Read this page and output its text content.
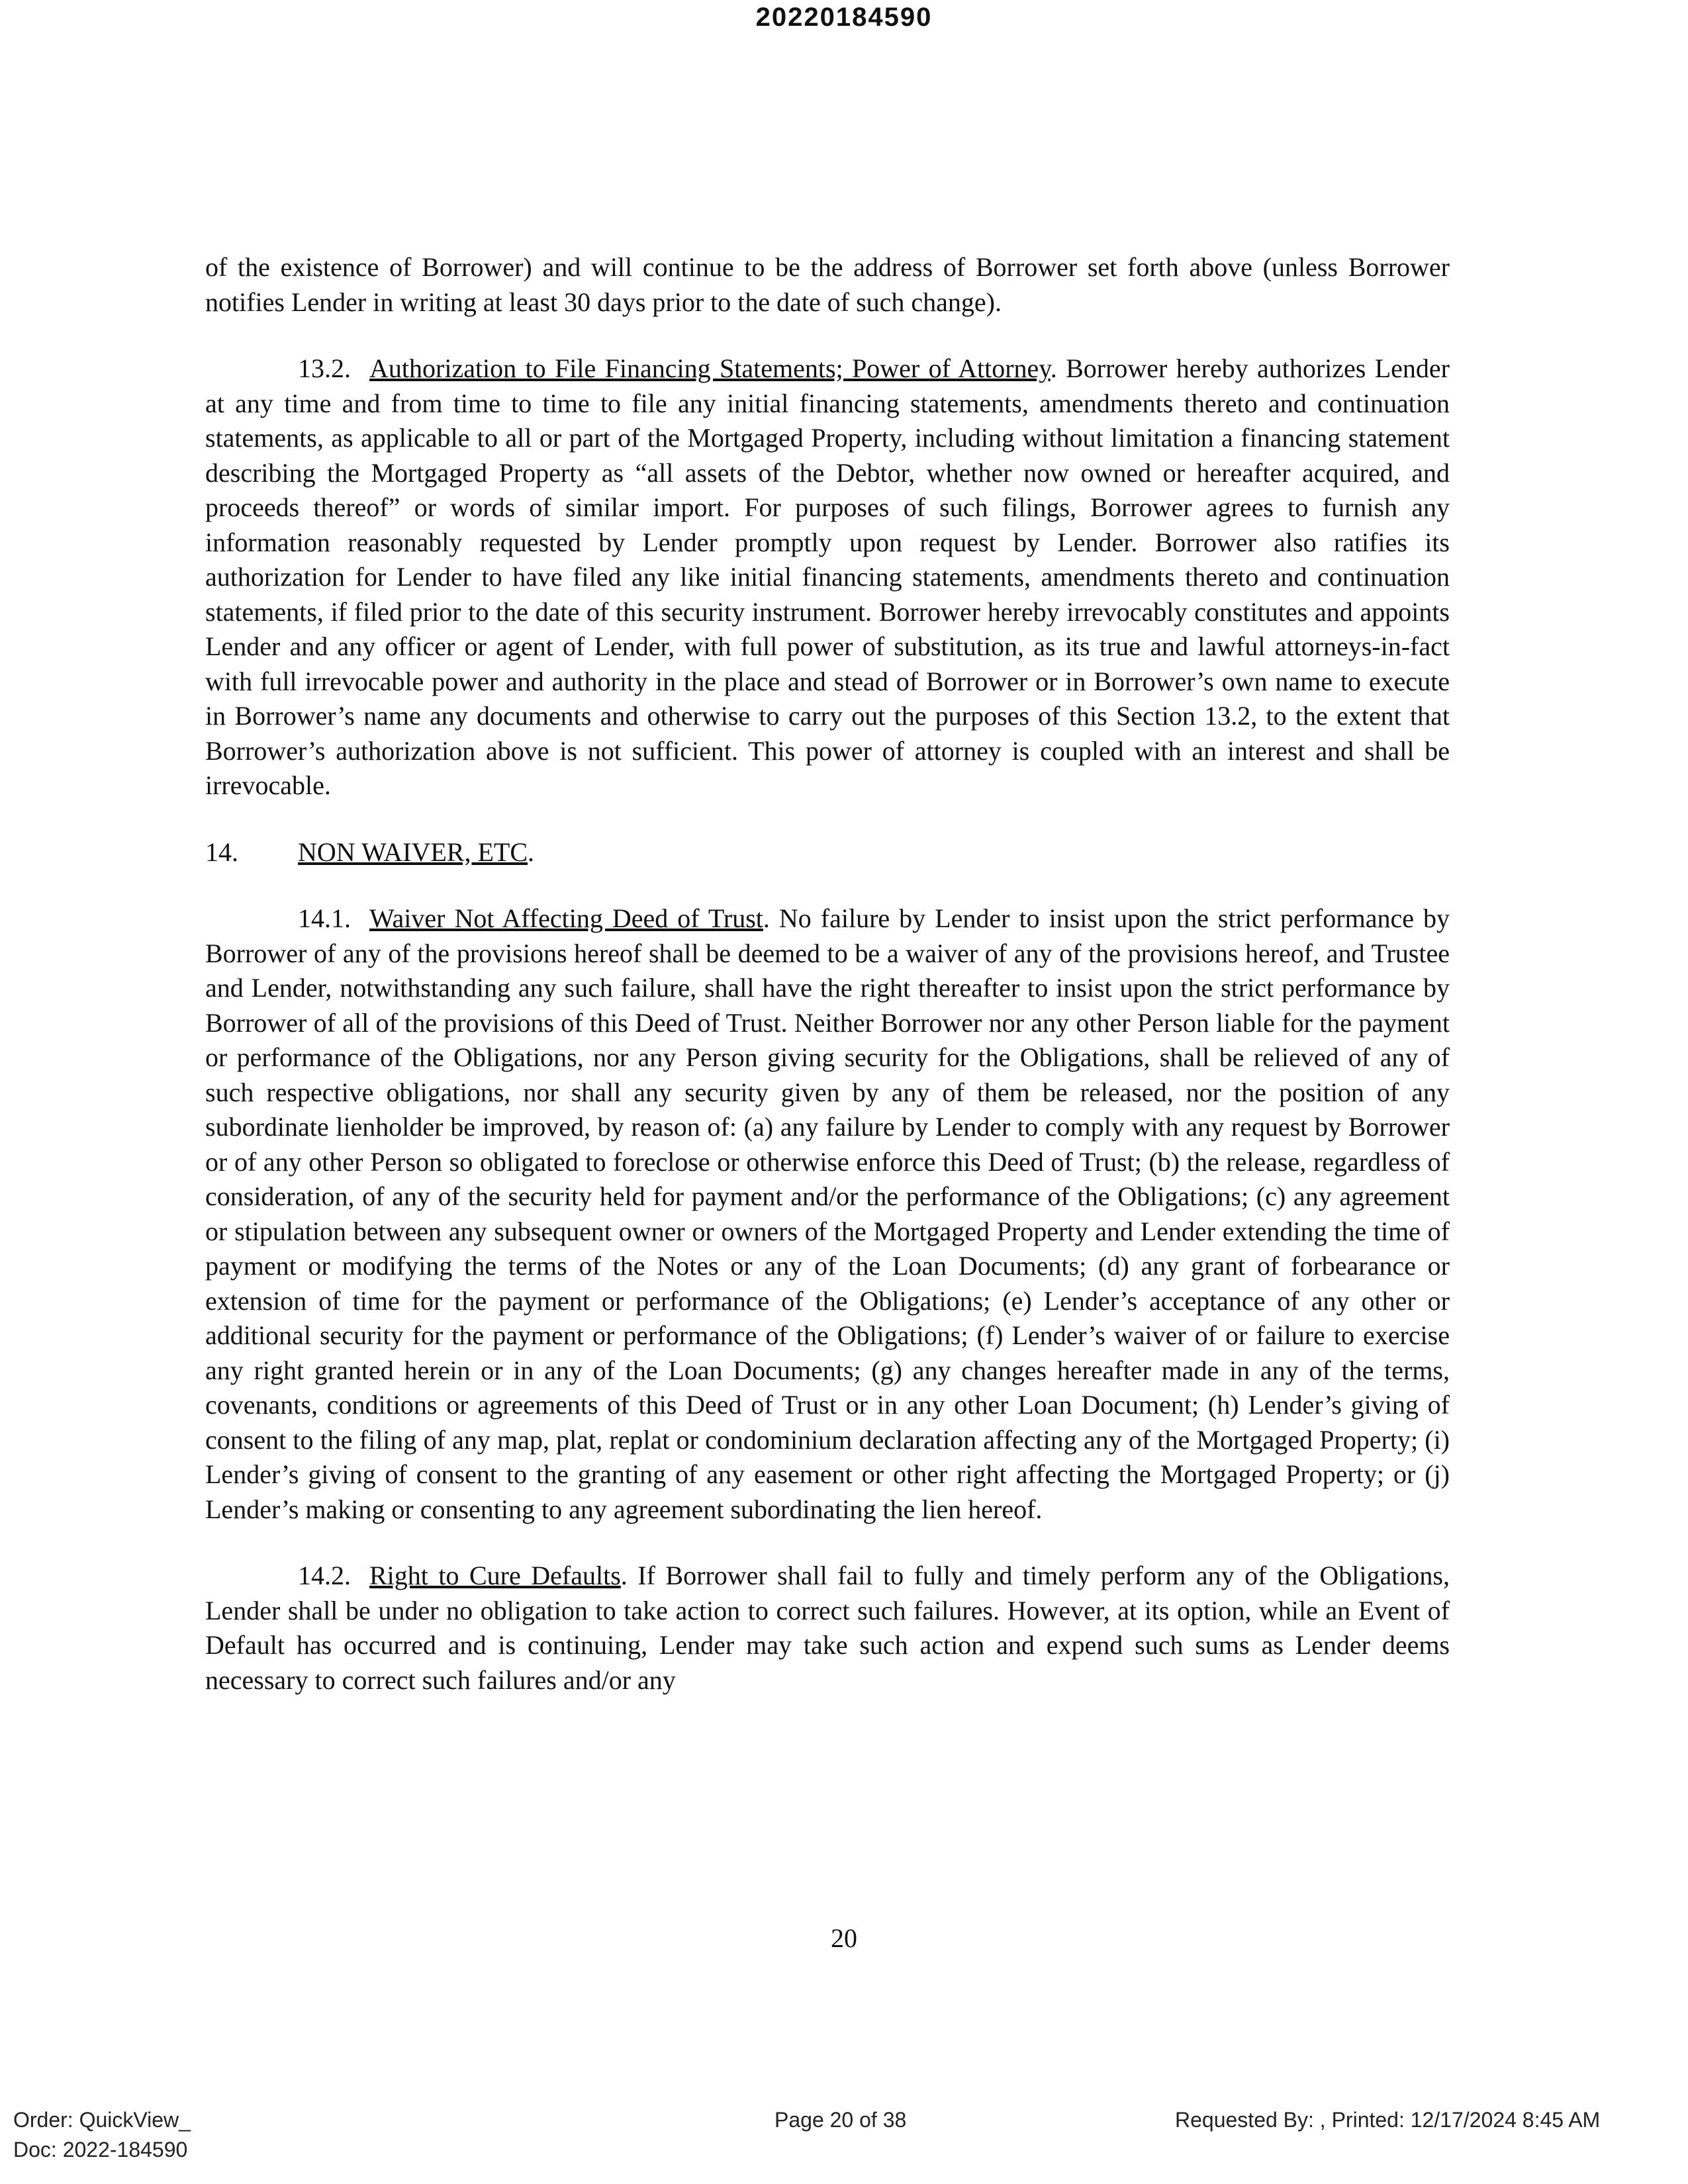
20220184590

of the existence of Borrower) and will continue to be the address of Borrower set forth above (unless Borrower notifies Lender in writing at least 30 days prior to the date of such change).

13.2. Authorization to File Financing Statements; Power of Attorney. Borrower hereby authorizes Lender at any time and from time to time to file any initial financing statements, amendments thereto and continuation statements, as applicable to all or part of the Mortgaged Property, including without limitation a financing statement describing the Mortgaged Property as “all assets of the Debtor, whether now owned or hereafter acquired, and proceeds thereof” or words of similar import. For purposes of such filings, Borrower agrees to furnish any information reasonably requested by Lender promptly upon request by Lender. Borrower also ratifies its authorization for Lender to have filed any like initial financing statements, amendments thereto and continuation statements, if filed prior to the date of this security instrument. Borrower hereby irrevocably constitutes and appoints Lender and any officer or agent of Lender, with full power of substitution, as its true and lawful attorneys-in-fact with full irrevocable power and authority in the place and stead of Borrower or in Borrower’s own name to execute in Borrower’s name any documents and otherwise to carry out the purposes of this Section 13.2, to the extent that Borrower’s authorization above is not sufficient. This power of attorney is coupled with an interest and shall be irrevocable.

14. NON WAIVER, ETC.

14.1. Waiver Not Affecting Deed of Trust. No failure by Lender to insist upon the strict performance by Borrower of any of the provisions hereof shall be deemed to be a waiver of any of the provisions hereof, and Trustee and Lender, notwithstanding any such failure, shall have the right thereafter to insist upon the strict performance by Borrower of all of the provisions of this Deed of Trust. Neither Borrower nor any other Person liable for the payment or performance of the Obligations, nor any Person giving security for the Obligations, shall be relieved of any of such respective obligations, nor shall any security given by any of them be released, nor the position of any subordinate lienholder be improved, by reason of: (a) any failure by Lender to comply with any request by Borrower or of any other Person so obligated to foreclose or otherwise enforce this Deed of Trust; (b) the release, regardless of consideration, of any of the security held for payment and/or the performance of the Obligations; (c) any agreement or stipulation between any subsequent owner or owners of the Mortgaged Property and Lender extending the time of payment or modifying the terms of the Notes or any of the Loan Documents; (d) any grant of forbearance or extension of time for the payment or performance of the Obligations; (e) Lender’s acceptance of any other or additional security for the payment or performance of the Obligations; (f) Lender’s waiver of or failure to exercise any right granted herein or in any of the Loan Documents; (g) any changes hereafter made in any of the terms, covenants, conditions or agreements of this Deed of Trust or in any other Loan Document; (h) Lender’s giving of consent to the filing of any map, plat, replat or condominium declaration affecting any of the Mortgaged Property; (i) Lender’s giving of consent to the granting of any easement or other right affecting the Mortgaged Property; or (j) Lender’s making or consenting to any agreement subordinating the lien hereof.

14.2. Right to Cure Defaults. If Borrower shall fail to fully and timely perform any of the Obligations, Lender shall be under no obligation to take action to correct such failures. However, at its option, while an Event of Default has occurred and is continuing, Lender may take such action and expend such sums as Lender deems necessary to correct such failures and/or any

20
Order: QuickView_
Doc: 2022-184590
Page 20 of 38	Requested By: , Printed: 12/17/2024 8:45 AM
